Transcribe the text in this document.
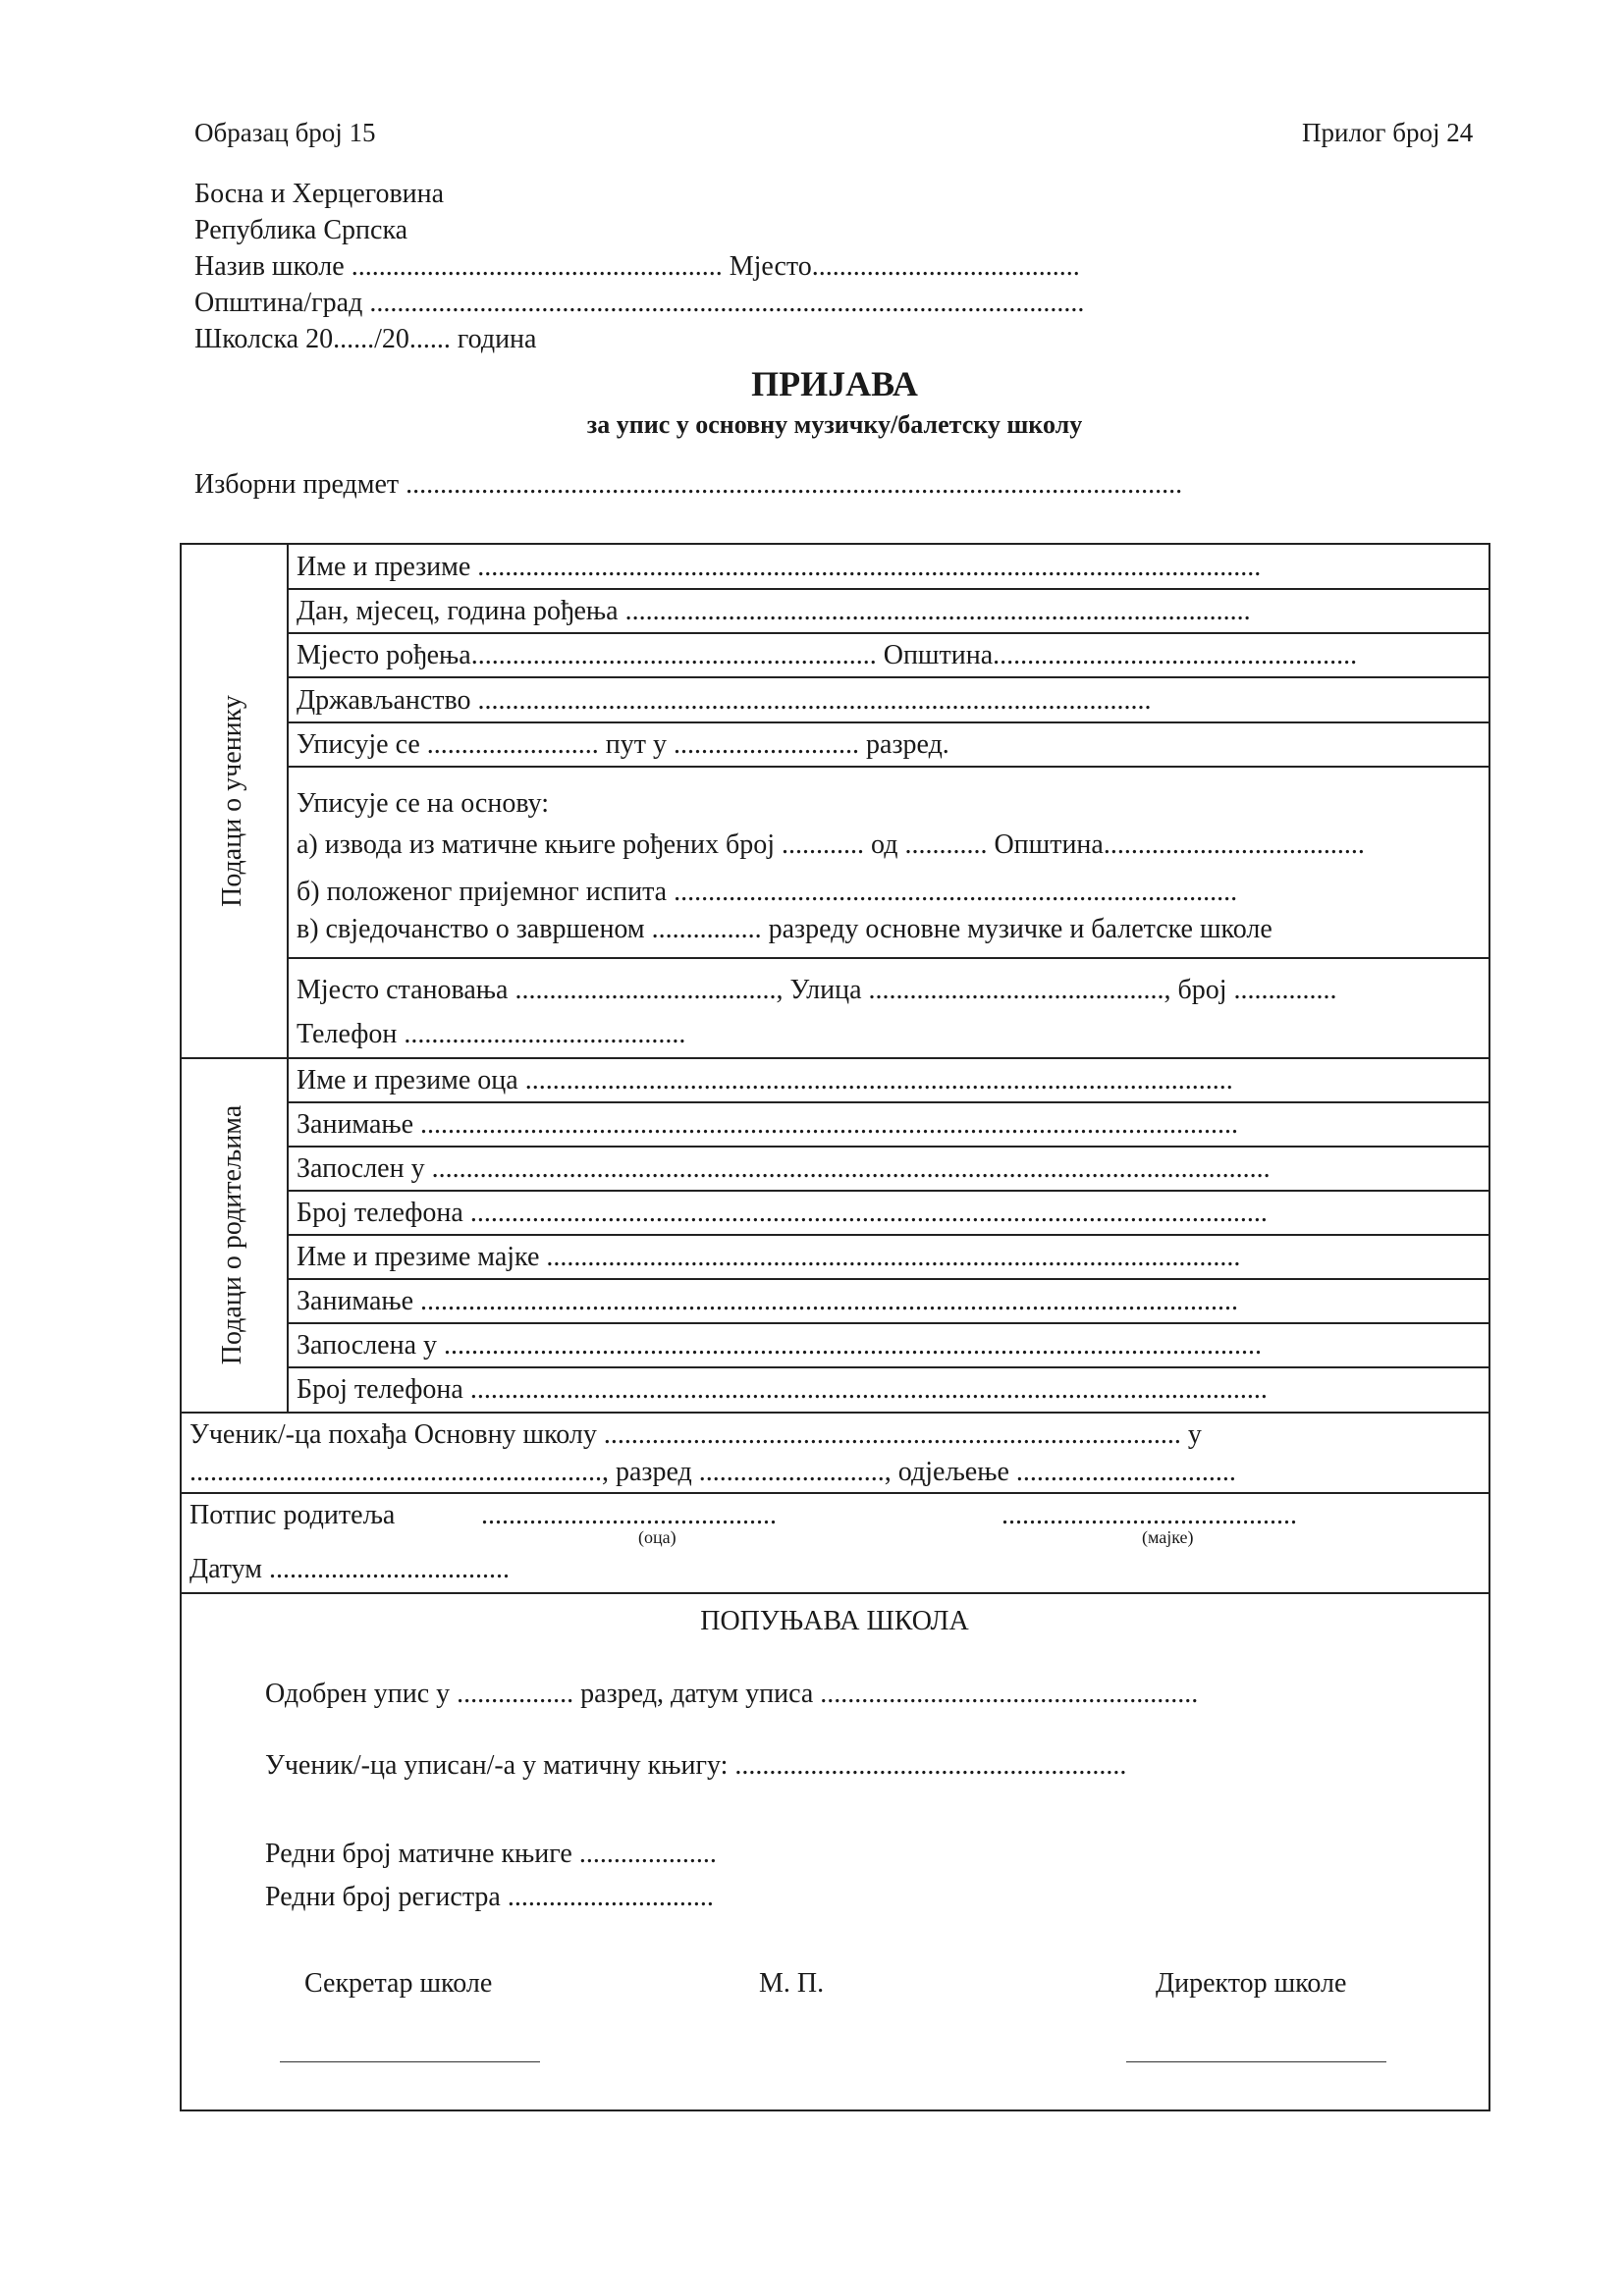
Образац број 15	Прилог број 24
Босна и Херцеговина
Република Српска
Назив школе ...................................................... Мјесто.......................................
Општина/град ........................................................................................................
Школска 20....../20...... година
ПРИЈАВА
за упис у основну музичку/балетску школу
Изборни предмет .................................................................................................................
Име и презиме ..................................................................................................................
Дан, мјесец, година рођења ...........................................................................................
Мјесто рођења........................................................... Општина.....................................................
Држављанство ..................................................................................................
Уписује се ......................... пут у ........................... разред.
Уписује се на основу:
а) извода из матичне књиге рођених број ............ од ............ Општина......................................
б) положеног пријемног испита ..................................................................................
в) свједочанство о завршеном ................ разреду основне музичке и балетске школе
Мјесто становања ......................................, Улица ..........................................., број ...............
Телефон .........................................
Подаци о ученику
Име и презиме оца .......................................................................................................
Занимање .......................................................................................................................
Запослен у ..........................................................................................................................
Број телефона ....................................................................................................................
Име и презиме мајке .....................................................................................................
Занимање .......................................................................................................................
Запослена у .......................................................................................................................
Број телефона ....................................................................................................................
Подаци о родитељима
Ученик/-ца похађа Основну школу .................................................................................... у
............................................................, разред ..........................., одјељење ................................
Потпис родитеља	...........................................
(оца)
...........................................
(мајке)
Датум ...................................
ПОПУЊАВА ШКОЛА
Одобрен упис у ................. разред, датум уписа .......................................................
Ученик/-ца уписан/-а у матичну књигу: .........................................................
Редни број матичне књиге ....................
Редни број регистра ..............................
Секретар школе	М. П.	Директор школе
